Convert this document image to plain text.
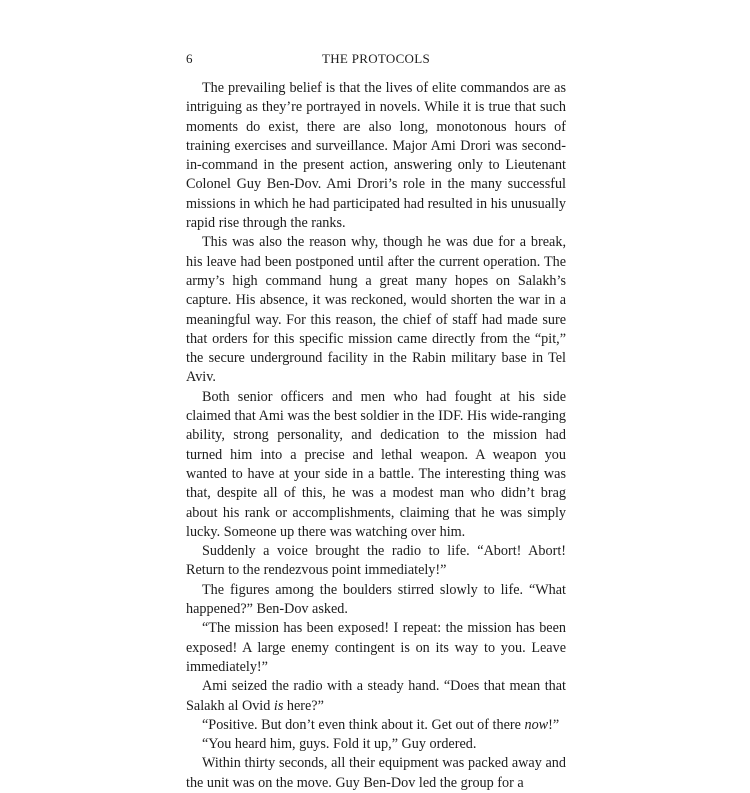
6	THE PROTOCOLS

The prevailing belief is that the lives of elite commandos are as intriguing as they’re portrayed in novels. While it is true that such moments do exist, there are also long, monotonous hours of training exercises and surveillance. Major Ami Drori was second-in-command in the present action, answering only to Lieutenant Colonel Guy Ben-Dov. Ami Drori’s role in the many successful missions in which he had participated had resulted in his unusually rapid rise through the ranks.

This was also the reason why, though he was due for a break, his leave had been postponed until after the current operation. The army’s high command hung a great many hopes on Salakh’s capture. His absence, it was reckoned, would shorten the war in a meaningful way. For this reason, the chief of staff had made sure that orders for this specific mission came directly from the “pit,” the secure underground facility in the Rabin military base in Tel Aviv.

Both senior officers and men who had fought at his side claimed that Ami was the best soldier in the IDF. His wide-ranging ability, strong personality, and dedication to the mission had turned him into a precise and lethal weapon. A weapon you wanted to have at your side in a battle. The interesting thing was that, despite all of this, he was a modest man who didn’t brag about his rank or accomplishments, claiming that he was simply lucky. Someone up there was watching over him.

Suddenly a voice brought the radio to life. “Abort! Abort! Return to the rendezvous point immediately!”

The figures among the boulders stirred slowly to life. “What happened?” Ben-Dov asked.

“The mission has been exposed! I repeat: the mission has been exposed! A large enemy contingent is on its way to you. Leave immediately!”

Ami seized the radio with a steady hand. “Does that mean that Salakh al Ovid is here?”

“Positive. But don’t even think about it. Get out of there now!”

“You heard him, guys. Fold it up,” Guy ordered.

Within thirty seconds, all their equipment was packed away and the unit was on the move. Guy Ben-Dov led the group for a
